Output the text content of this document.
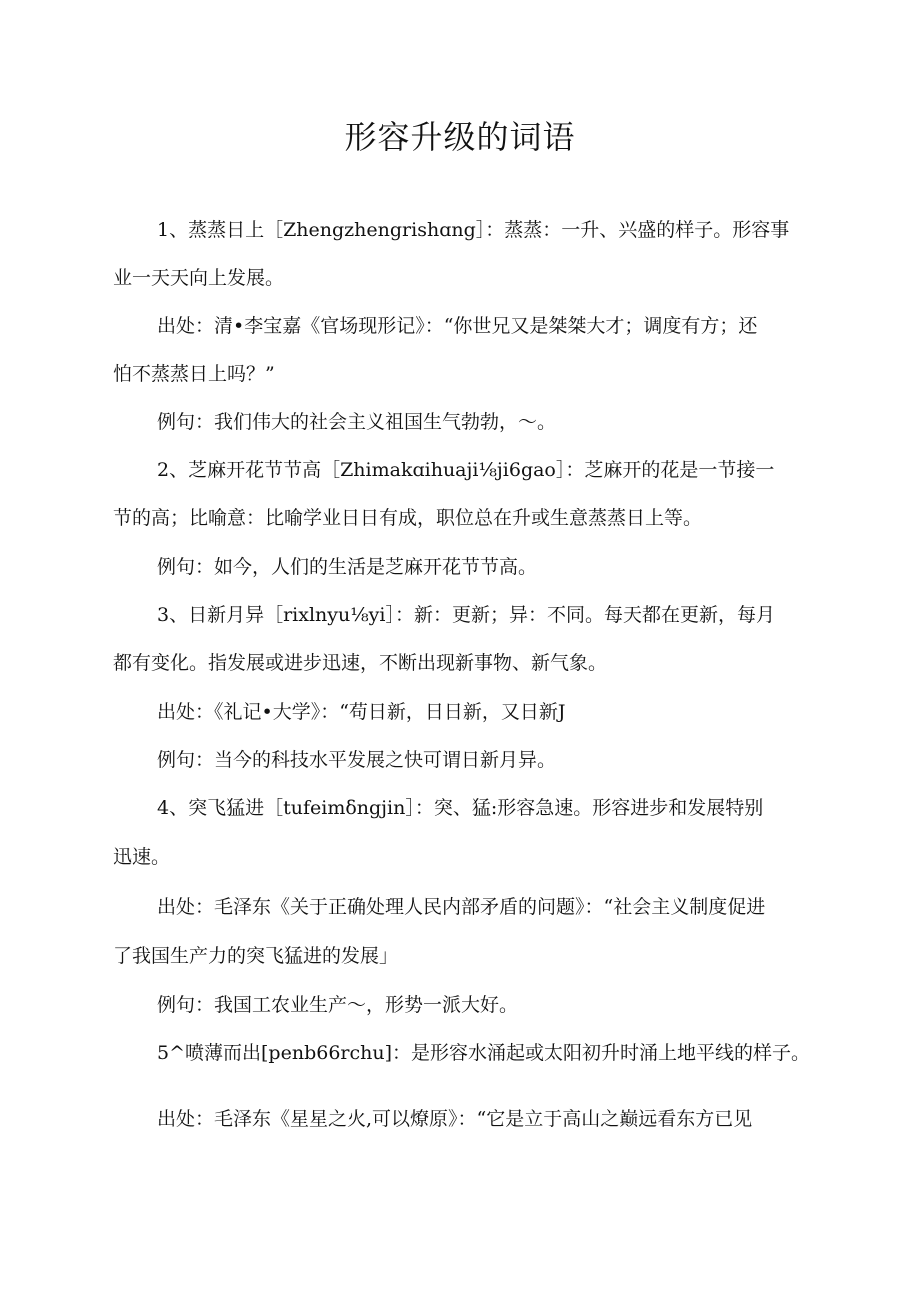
形容升级的词语

1、蒸蒸日上［Zhengzhengrishɑng］：蒸蒸：一升、兴盛的样子。形容事

业一天天向上发展。

出处：清•李宝嘉《官场现形记》：“你世兄又是桀桀大才；调度有方；还

怕不蒸蒸日上吗？”

例句：我们伟大的社会主义祖国生气勃勃，～。

2、芝麻开花节节高［Zhimakɑihuaji⅛ji6gao］：芝麻开的花是一节接一

节的高；比喻意：比喻学业日日有成，职位总在升或生意蒸蒸日上等。

例句：如今，人们的生活是芝麻开花节节高。

3、日新月异［rixlnyu⅛yi］：新：更新；异：不同。每天都在更新，每月

都有变化。指发展或进步迅速，不断出现新事物、新气象。

出处：《礼记•大学》：“苟日新，日日新，又日新J

例句：当今的科技水平发展之快可谓日新月异。

4、突飞猛进［tufeimδngjin］：突、猛:形容急速。形容进步和发展特别

迅速。

出处：毛泽东《关于正确处理人民内部矛盾的问题》：“社会主义制度促进

了我国生产力的突飞猛进的发展」

例句：我国工农业生产～，形势一派大好。

5^喷薄而出[penb66rchu]：是形容水涌起或太阳初升时涌上地平线的样子。

出处：毛泽东《星星之火,可以燎原》：“它是立于高山之巅远看东方已见
